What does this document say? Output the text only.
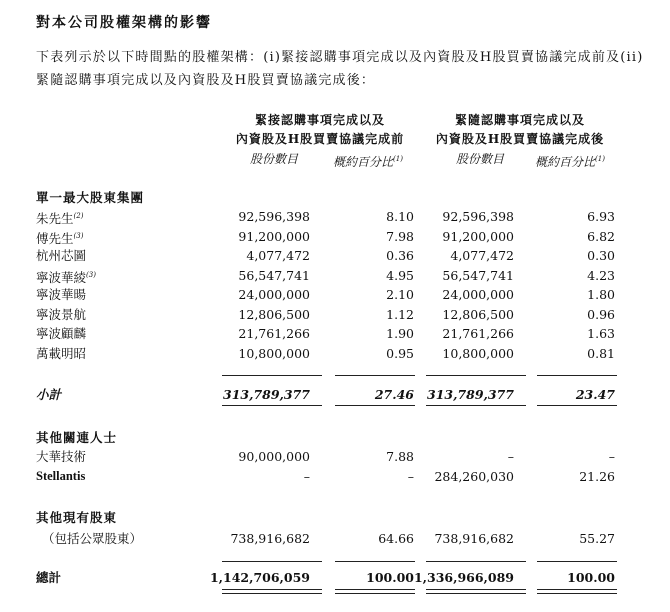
對本公司股權架構的影響
下表列示於以下時間點的股權架構：(i)緊接認購事項完成以及內資股及H股買賣協議完成前及(ii)緊隨認購事項完成以及內資股及H股買賣協議完成後：
緊接認購事項完成以及
內資股及H股買賣協議完成前
緊隨認購事項完成以及
內資股及H股買賣協議完成後
股份數目	概約百分比$^{(1)}$	股份數目	概約百分比$^{(1)}$
單一最大股東集團
朱先生$^{(2)}$	92,596,398	8.10 92,596,398	6.93
傅先生$^{(3)}$	91,200,000	7.98 91,200,000	6.82
杭州芯圖	4,077,472	0.36	4,077,472	0.30
寧波華綾$^{(3)}$	56,547,741	4.95 56,547,741	4.23
寧波華暘	24,000,000	2.10 24,000,000	1.80
寧波景航	12,806,500	1.12 12,806,500	0.96
寧波顧麟	21,761,266	1.90 21,761,266	1.63
萬載明昭	10,800,000	0.95 10,800,000	0.81
小計	313,789,377	27.46 313,789,377	23.47
其他關連人士
大華技術	90,000,000	7.88	–	–
Stellantis	–	– 284,260,030	21.26
其他現有股東
（包括公眾股東）	738,916,682	64.66 738,916,682	55.27
總計	1,142,706,059	100.00 1,336,966,089	100.00
